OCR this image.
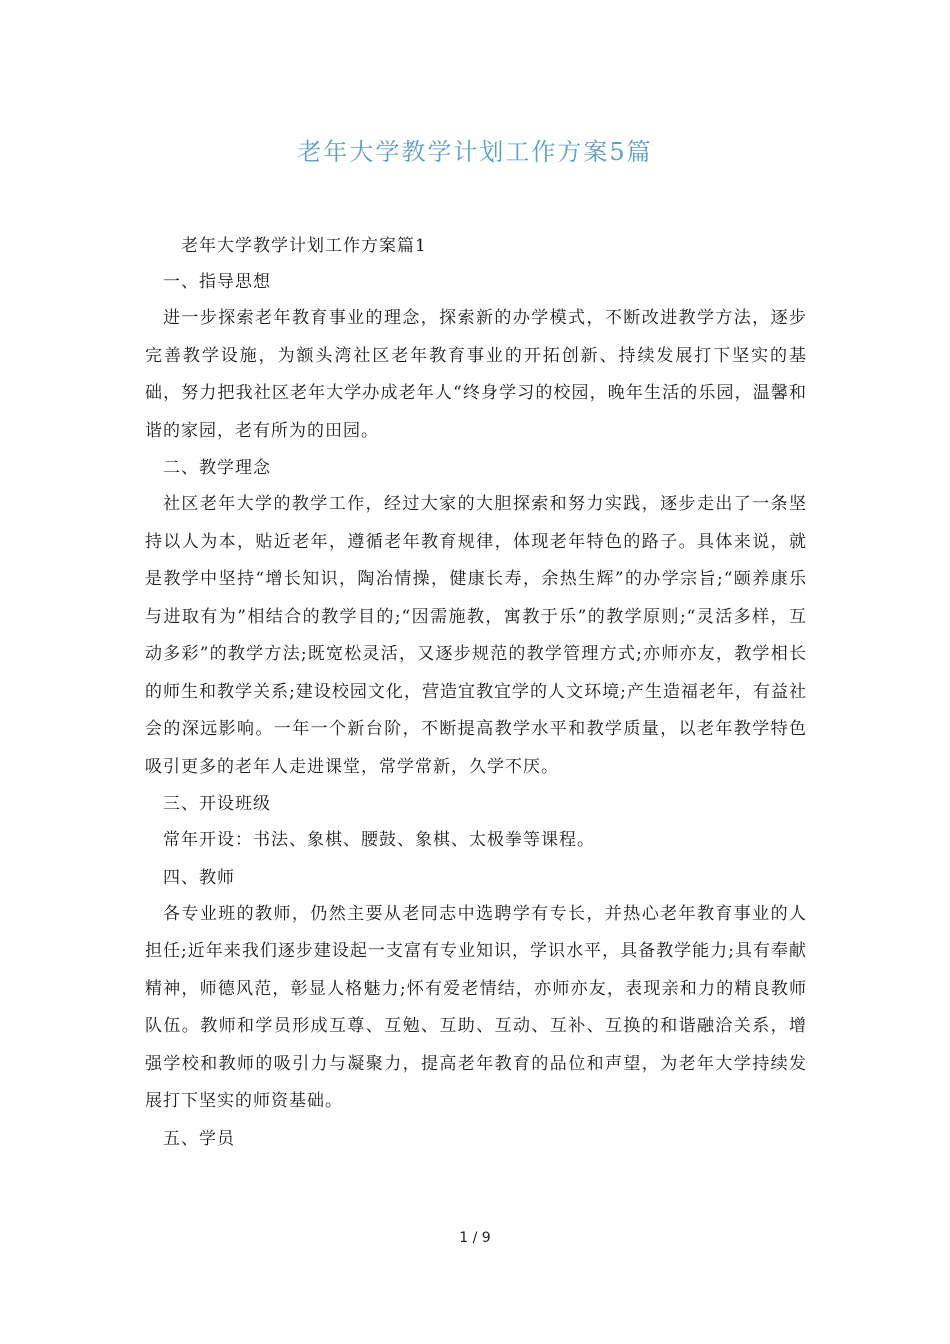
老年大学教学计划工作方案5篇

老年大学教学计划工作方案篇1

一、指导思想

进一步探索老年教育事业的理念，探索新的办学模式，不断改进教学方法，逐步完善教学设施，为额头湾社区老年教育事业的开拓创新、持续发展打下坚实的基础，努力把我社区老年大学办成老年人“终身学习的校园，晚年生活的乐园，温馨和谐的家园，老有所为的田园。

二、教学理念

社区老年大学的教学工作，经过大家的大胆探索和努力实践，逐步走出了一条坚持以人为本，贴近老年，遵循老年教育规律，体现老年特色的路子。具体来说，就是教学中坚持“增长知识，陶冶情操，健康长寿，余热生辉”的办学宗旨;“颐养康乐与进取有为”相结合的教学目的;“因需施教，寓教于乐”的教学原则;“灵活多样，互动多彩”的教学方法;既宽松灵活，又逐步规范的教学管理方式;亦师亦友，教学相长的师生和教学关系;建设校园文化，营造宜教宜学的人文环境;产生造福老年，有益社会的深远影响。一年一个新台阶，不断提高教学水平和教学质量，以老年教学特色吸引更多的老年人走进课堂，常学常新，久学不厌。

三、开设班级

常年开设：书法、象棋、腰鼓、象棋、太极拳等课程。

四、教师

各专业班的教师，仍然主要从老同志中选聘学有专长，并热心老年教育事业的人担任;近年来我们逐步建设起一支富有专业知识，学识水平，具备教学能力;具有奉献精神，师德风范，彰显人格魅力;怀有爱老情结，亦师亦友，表现亲和力的精良教师队伍。教师和学员形成互尊、互勉、互助、互动、互补、互换的和谐融洽关系，增强学校和教师的吸引力与凝聚力，提高老年教育的品位和声望，为老年大学持续发展打下坚实的师资基础。

五、学员

1 / 9
